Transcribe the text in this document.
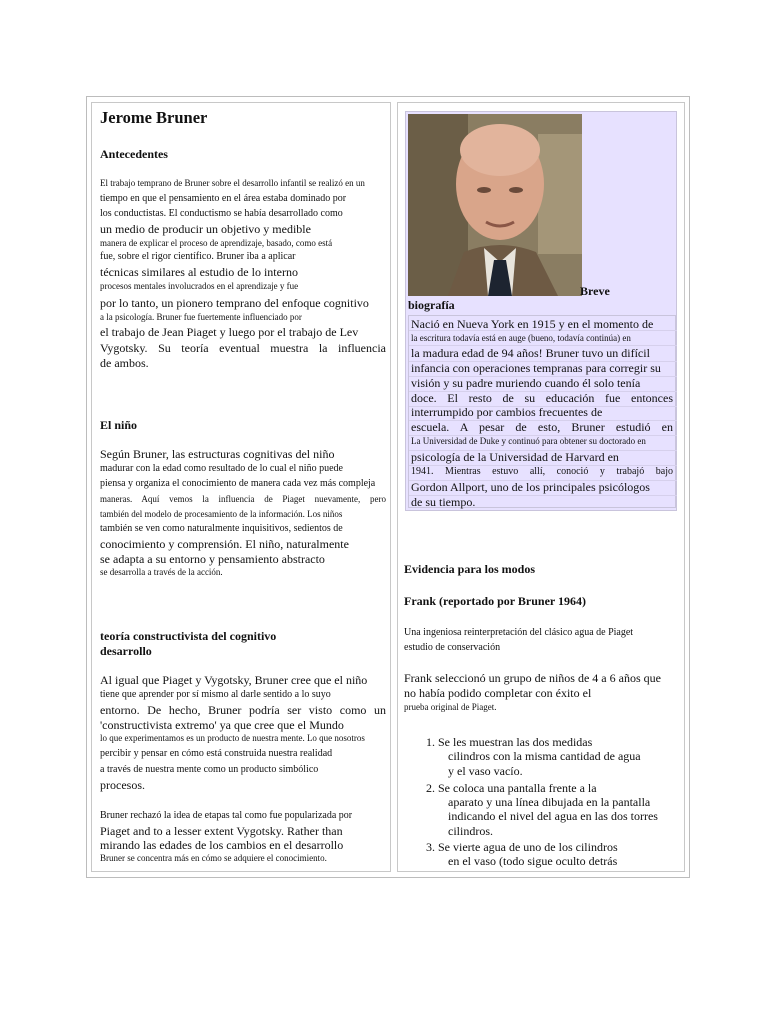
Jerome Bruner
Antecedentes
El trabajo temprano de Bruner sobre el desarrollo infantil se realizó en un
tiempo en que el pensamiento en el área estaba dominado por
los conductistas. El conductismo se había desarrollado como
un medio de producir un objetivo y medible
manera de explicar el proceso de aprendizaje, basado, como está
fue, sobre el rigor científico. Bruner iba a aplicar
técnicas similares al estudio de lo interno
procesos mentales involucrados en el aprendizaje y fue
por lo tanto, un pionero temprano del enfoque cognitivo
a la psicología. Bruner fue fuertemente influenciado por
el trabajo de Jean Piaget y luego por el trabajo de Lev
Vygotsky. Su teoría eventual muestra la influencia
de ambos.
El niño
Según Bruner, las estructuras cognitivas del niño
madurar con la edad como resultado de lo cual el niño puede
piensa y organiza el conocimiento de manera cada vez más compleja
maneras. Aquí vemos la influencia de Piaget nuevamente, pero
también del modelo de procesamiento de la información. Los niños
también se ven como naturalmente inquisitivos, sedientos de
conocimiento y comprensión. El niño, naturalmente
se adapta a su entorno y pensamiento abstracto
se desarrolla a través de la acción.
teoría constructivista del cognitivo
desarrollo
Al igual que Piaget y Vygotsky, Bruner cree que el niño
tiene que aprender por sí mismo al darle sentido a lo suyo
entorno. De hecho, Bruner podría ser visto como un
'constructivista extremo' ya que cree que el Mundo
lo que experimentamos es un producto de nuestra mente. Lo que nosotros
percibir y pensar en cómo está construida nuestra realidad
a través de nuestra mente como un producto simbólico
procesos.
Bruner rechazó la idea de etapas tal como fue popularizada por
Piaget and to a lesser extent Vygotsky. Rather than
mirando las edades de los cambios en el desarrollo
Bruner se concentra más en cómo se adquiere el conocimiento.
Breve
biografía
Nació en Nueva York en 1915 y en el momento de
la escritura todavía está en auge (bueno, todavía continúa) en
la madura edad de 94 años! Bruner tuvo un difícil
infancia con operaciones tempranas para corregir su
visión y su padre muriendo cuando él solo tenía
doce. El resto de su educación fue entonces
interrumpido por cambios frecuentes de
escuela. A pesar de esto, Bruner estudió en
La Universidad de Duke y continuó para obtener su doctorado en
psicología de la Universidad de Harvard en
1941. Mientras estuvo allí, conoció y trabajó bajo
Gordon Allport, uno de los principales psicólogos
de su tiempo.
Evidencia para los modos
Frank (reportado por Bruner 1964)
Una ingeniosa reinterpretación del clásico agua de Piaget
estudio de conservación
Frank seleccionó un grupo de niños de 4 a 6 años que
no había podido completar con éxito el
prueba original de Piaget.
1. Se les muestran las dos medidas
cilindros con la misma cantidad de agua
y el vaso vacío.
2. Se coloca una pantalla frente a la
aparato y una línea dibujada en la pantalla
indicando el nivel del agua en las dos torres
cilindros.
3. Se vierte agua de uno de los cilindros
en el vaso (todo sigue oculto detrás
